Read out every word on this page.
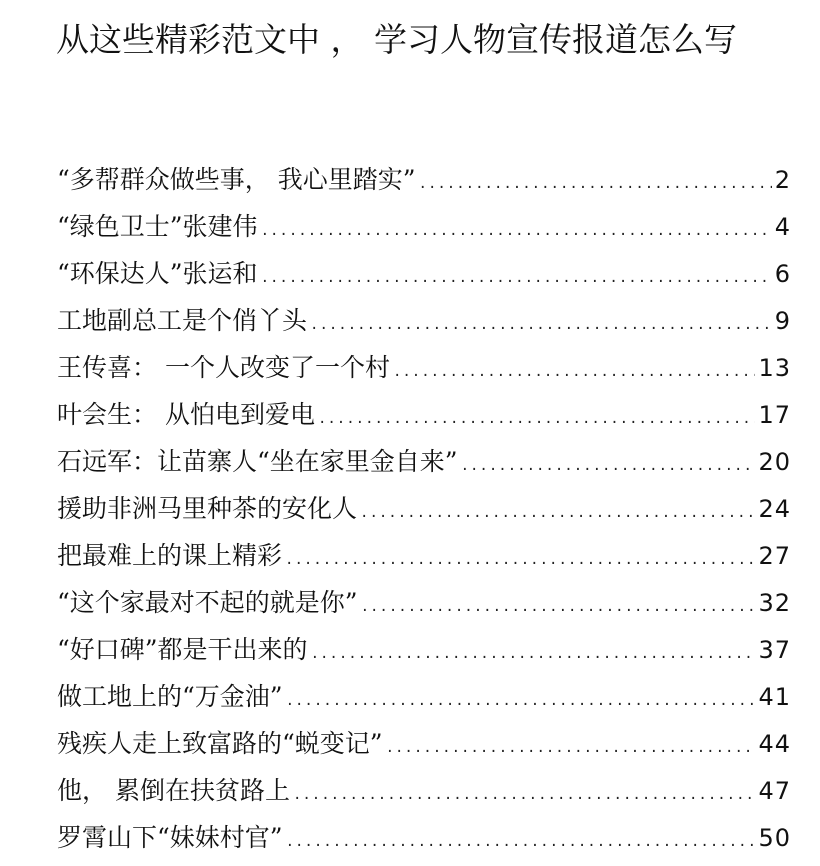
从这些精彩范文中 ， 学习人物宣传报道怎么写
“多帮群众做些事， 我心里踏实” .....	2
“绿色卫士”张建伟 .....	4
“环保达人”张运和 .....	6
工地副总工是个俏丫头 .....	9
王传喜： 一个人改变了一个村 .....	13
叶会生： 从怕电到爱电 .....	17
石远军：让苗寨人“坐在家里金自来” .....	20
援助非洲马里种茶的安化人 .....	24
把最难上的课上精彩 .....	27
“这个家最对不起的就是你” .....	32
“好口碑”都是干出来的 .....	37
做工地上的“万金油” .....	41
残疾人走上致富路的“蜕变记” .....	44
他， 累倒在扶贫路上 .....	47
罗霄山下“妹妹村官” .....	50
